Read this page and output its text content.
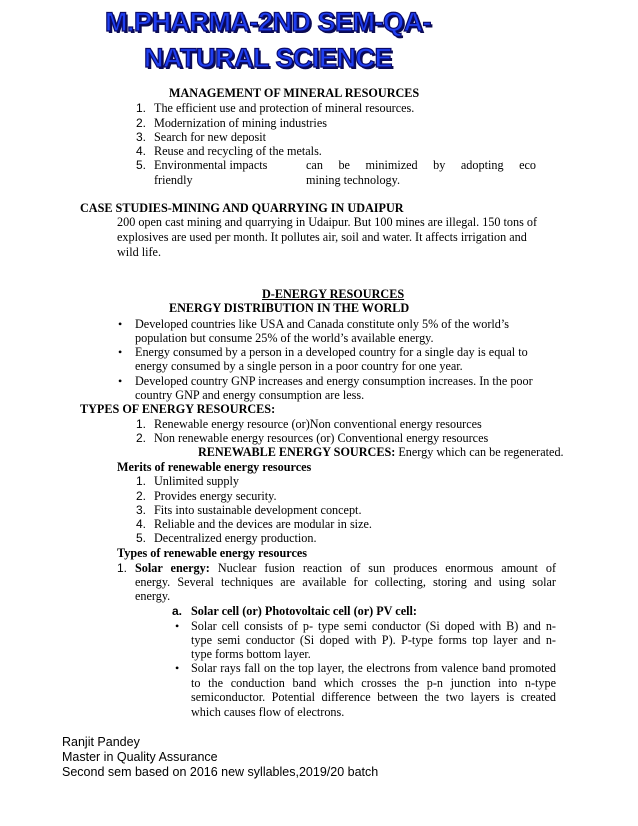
M.PHARMA-2ND SEM-QA-NATURAL SCIENCE
MANAGEMENT OF MINERAL RESOURCES
1. The efficient use and protection of mineral resources.
2. Modernization of mining industries
3. Search for new deposit
4. Reuse and recycling of the metals.
5. Environmental impacts	can be minimized by adopting eco
friendly	mining technology.
CASE STUDIES-MINING AND QUARRYING IN UDAIPUR
200 open cast mining and quarrying in Udaipur. But 100 mines are illegal. 150 tons of
explosives are used per month. It pollutes air, soil and water. It affects irrigation and
wild life.
D-ENERGY RESOURCES
ENERGY DISTRIBUTION IN THE WORLD
• Developed countries like USA and Canada constitute only 5% of the world’s
population but consume 25% of the world’s available energy.
• Energy consumed by a person in a developed country for a single day is equal to
energy consumed by a single person in a poor country for one year.
• Developed country GNP increases and energy consumption increases. In the poor
country GNP and energy consumption are less.
TYPES OF ENERGY RESOURCES:
1. Renewable energy resource (or)Non conventional energy resources
2. Non renewable energy resources (or) Conventional energy resources
RENEWABLE ENERGY SOURCES: Energy which can be regenerated.
Merits of renewable energy resources
1. Unlimited supply
2. Provides energy security.
3. Fits into sustainable development concept.
4. Reliable and the devices are modular in size.
5. Decentralized energy production.
Types of renewable energy resources
1. Solar energy: Nuclear fusion reaction of sun produces enormous amount of
energy. Several techniques are available for collecting, storing and using solar
energy.
a. Solar cell (or) Photovoltaic cell (or) PV cell:
• Solar cell consists of p- type semi conductor (Si doped with B) and n-
type semi conductor (Si doped with P). P-type forms top layer and n-
type forms bottom layer.
• Solar rays fall on the top layer, the electrons from valence band promoted
to the conduction band which crosses the p-n junction into n-type
semiconductor. Potential difference between the two layers is created
which causes flow of electrons.
Ranjit Pandey
Master in Quality Assurance
Second sem based on 2016 new syllables,2019/20 batch
